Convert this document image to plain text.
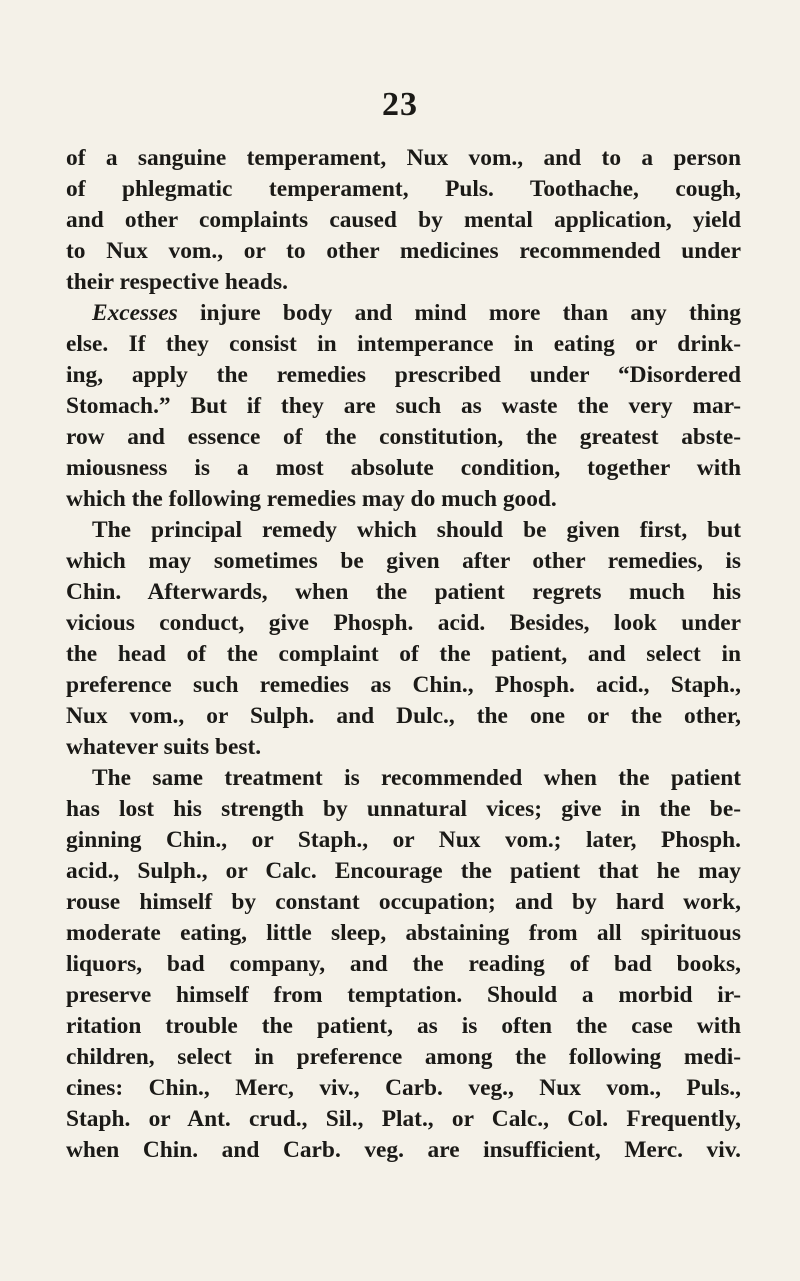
23
of a sanguine temperament, Nux vom., and to a person
of phlegmatic temperament, Puls. Toothache, cough,
and other complaints caused by mental application, yield
to Nux vom., or to other medicines recommended under
their respective heads.
Excesses injure body and mind more than any thing
else. If they consist in intemperance in eating or drink-
ing, apply the remedies prescribed under “Disordered
Stomach.” But if they are such as waste the very mar-
row and essence of the constitution, the greatest abste-
miousness is a most absolute condition, together with
which the following remedies may do much good.
The principal remedy which should be given first, but
which may sometimes be given after other remedies, is
Chin. Afterwards, when the patient regrets much his
vicious conduct, give Phosph. acid. Besides, look under
the head of the complaint of the patient, and select in
preference such remedies as Chin., Phosph. acid., Staph.,
Nux vom., or Sulph. and Dulc., the one or the other,
whatever suits best.
The same treatment is recommended when the patient
has lost his strength by unnatural vices; give in the be-
ginning Chin., or Staph., or Nux vom.; later, Phosph.
acid., Sulph., or Calc. Encourage the patient that he may
rouse himself by constant occupation; and by hard work,
moderate eating, little sleep, abstaining from all spirituous
liquors, bad company, and the reading of bad books,
preserve himself from temptation. Should a morbid ir-
ritation trouble the patient, as is often the case with
children, select in preference among the following medi-
cines: Chin., Merc, viv., Carb. veg., Nux vom., Puls.,
Staph. or Ant. crud., Sil., Plat., or Calc., Col. Frequently,
when Chin. and Carb. veg. are insufficient, Merc. viv.
